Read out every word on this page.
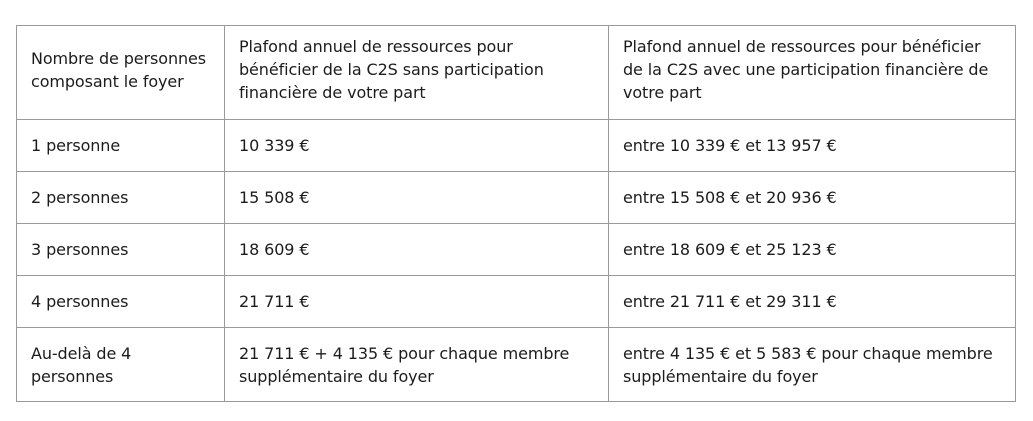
Nombre de personnes composant le foyer	Plafond annuel de ressources pour bénéficier de la C2S sans participation financière de votre part	Plafond annuel de ressources pour bénéficier de la C2S avec une participation financière de votre part

1 personne	10 339 €	entre 10 339 € et 13 957 €

2 personnes	15 508 €	entre 15 508 € et 20 936 €

3 personnes	18 609 €	entre 18 609 € et 25 123 €

4 personnes	21 711 €	entre 21 711 € et 29 311 €

Au-delà de 4 personnes	21 711 € + 4 135 € pour chaque membre supplémentaire du foyer	entre 4 135 € et 5 583 € pour chaque membre supplémentaire du foyer
